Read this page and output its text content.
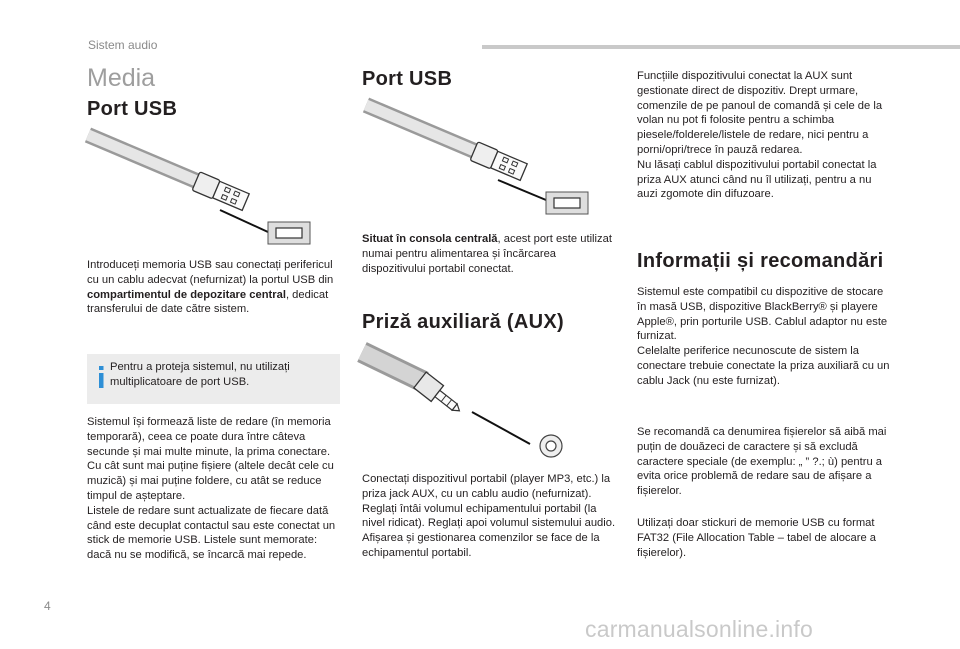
Sistem audio
Media
Port USB

Introduceți memoria USB sau conectați perifericul cu un cablu adecvat (nefurnizat) la portul USB din compartimentul de depozitare central, dedicat transferului de date către sistem.

Pentru a proteja sistemul, nu utilizați multiplicatoare de port USB.

Sistemul își formează liste de redare (în memoria temporară), ceea ce poate dura între câteva secunde și mai multe minute, la prima conectare.
Cu cât sunt mai puține fișiere (altele decât cele cu muzică) și mai puține foldere, cu atât se reduce timpul de așteptare.
Listele de redare sunt actualizate de fiecare dată când este decuplat contactul sau este conectat un stick de memorie USB. Listele sunt memorate: dacă nu se modifică, se încarcă mai repede.

Port USB

Situat în consola centrală, acest port este utilizat numai pentru alimentarea și încărcarea dispozitivului portabil conectat.

Priză auxiliară (AUX)

Conectați dispozitivul portabil (player MP3, etc.) la priza jack AUX, cu un cablu audio (nefurnizat).
Reglați întâi volumul echipamentului portabil (la nivel ridicat). Reglați apoi volumul sistemului audio.
Afișarea și gestionarea comenzilor se face de la echipamentul portabil.

Funcțiile dispozitivului conectat la AUX sunt gestionate direct de dispozitiv. Drept urmare, comenzile de pe panoul de comandă și cele de la volan nu pot fi folosite pentru a schimba piesele/folderele/listele de redare, nici pentru a porni/opri/trece în pauză redarea.
Nu lăsați cablul dispozitivului portabil conectat la priza AUX atunci când nu îl utilizați, pentru a nu auzi zgomote din difuzoare.

Informații și recomandări

Sistemul este compatibil cu dispozitive de stocare în masă USB, dispozitive BlackBerry® și playere Apple®, prin porturile USB. Cablul adaptor nu este furnizat.
Celelalte periferice necunoscute de sistem la conectare trebuie conectate la priza auxiliară cu un cablu Jack (nu este furnizat).

Se recomandă ca denumirea fișierelor să aibă mai puțin de douăzeci de caractere și să excludă caractere speciale (de exemplu: „ ” ?.; ù) pentru a evita orice problemă de redare sau de afișare a fișierelor.

Utilizați doar stickuri de memorie USB cu format FAT32 (File Allocation Table – tabel de alocare a fișierelor).

4
carmanualsonline.info
